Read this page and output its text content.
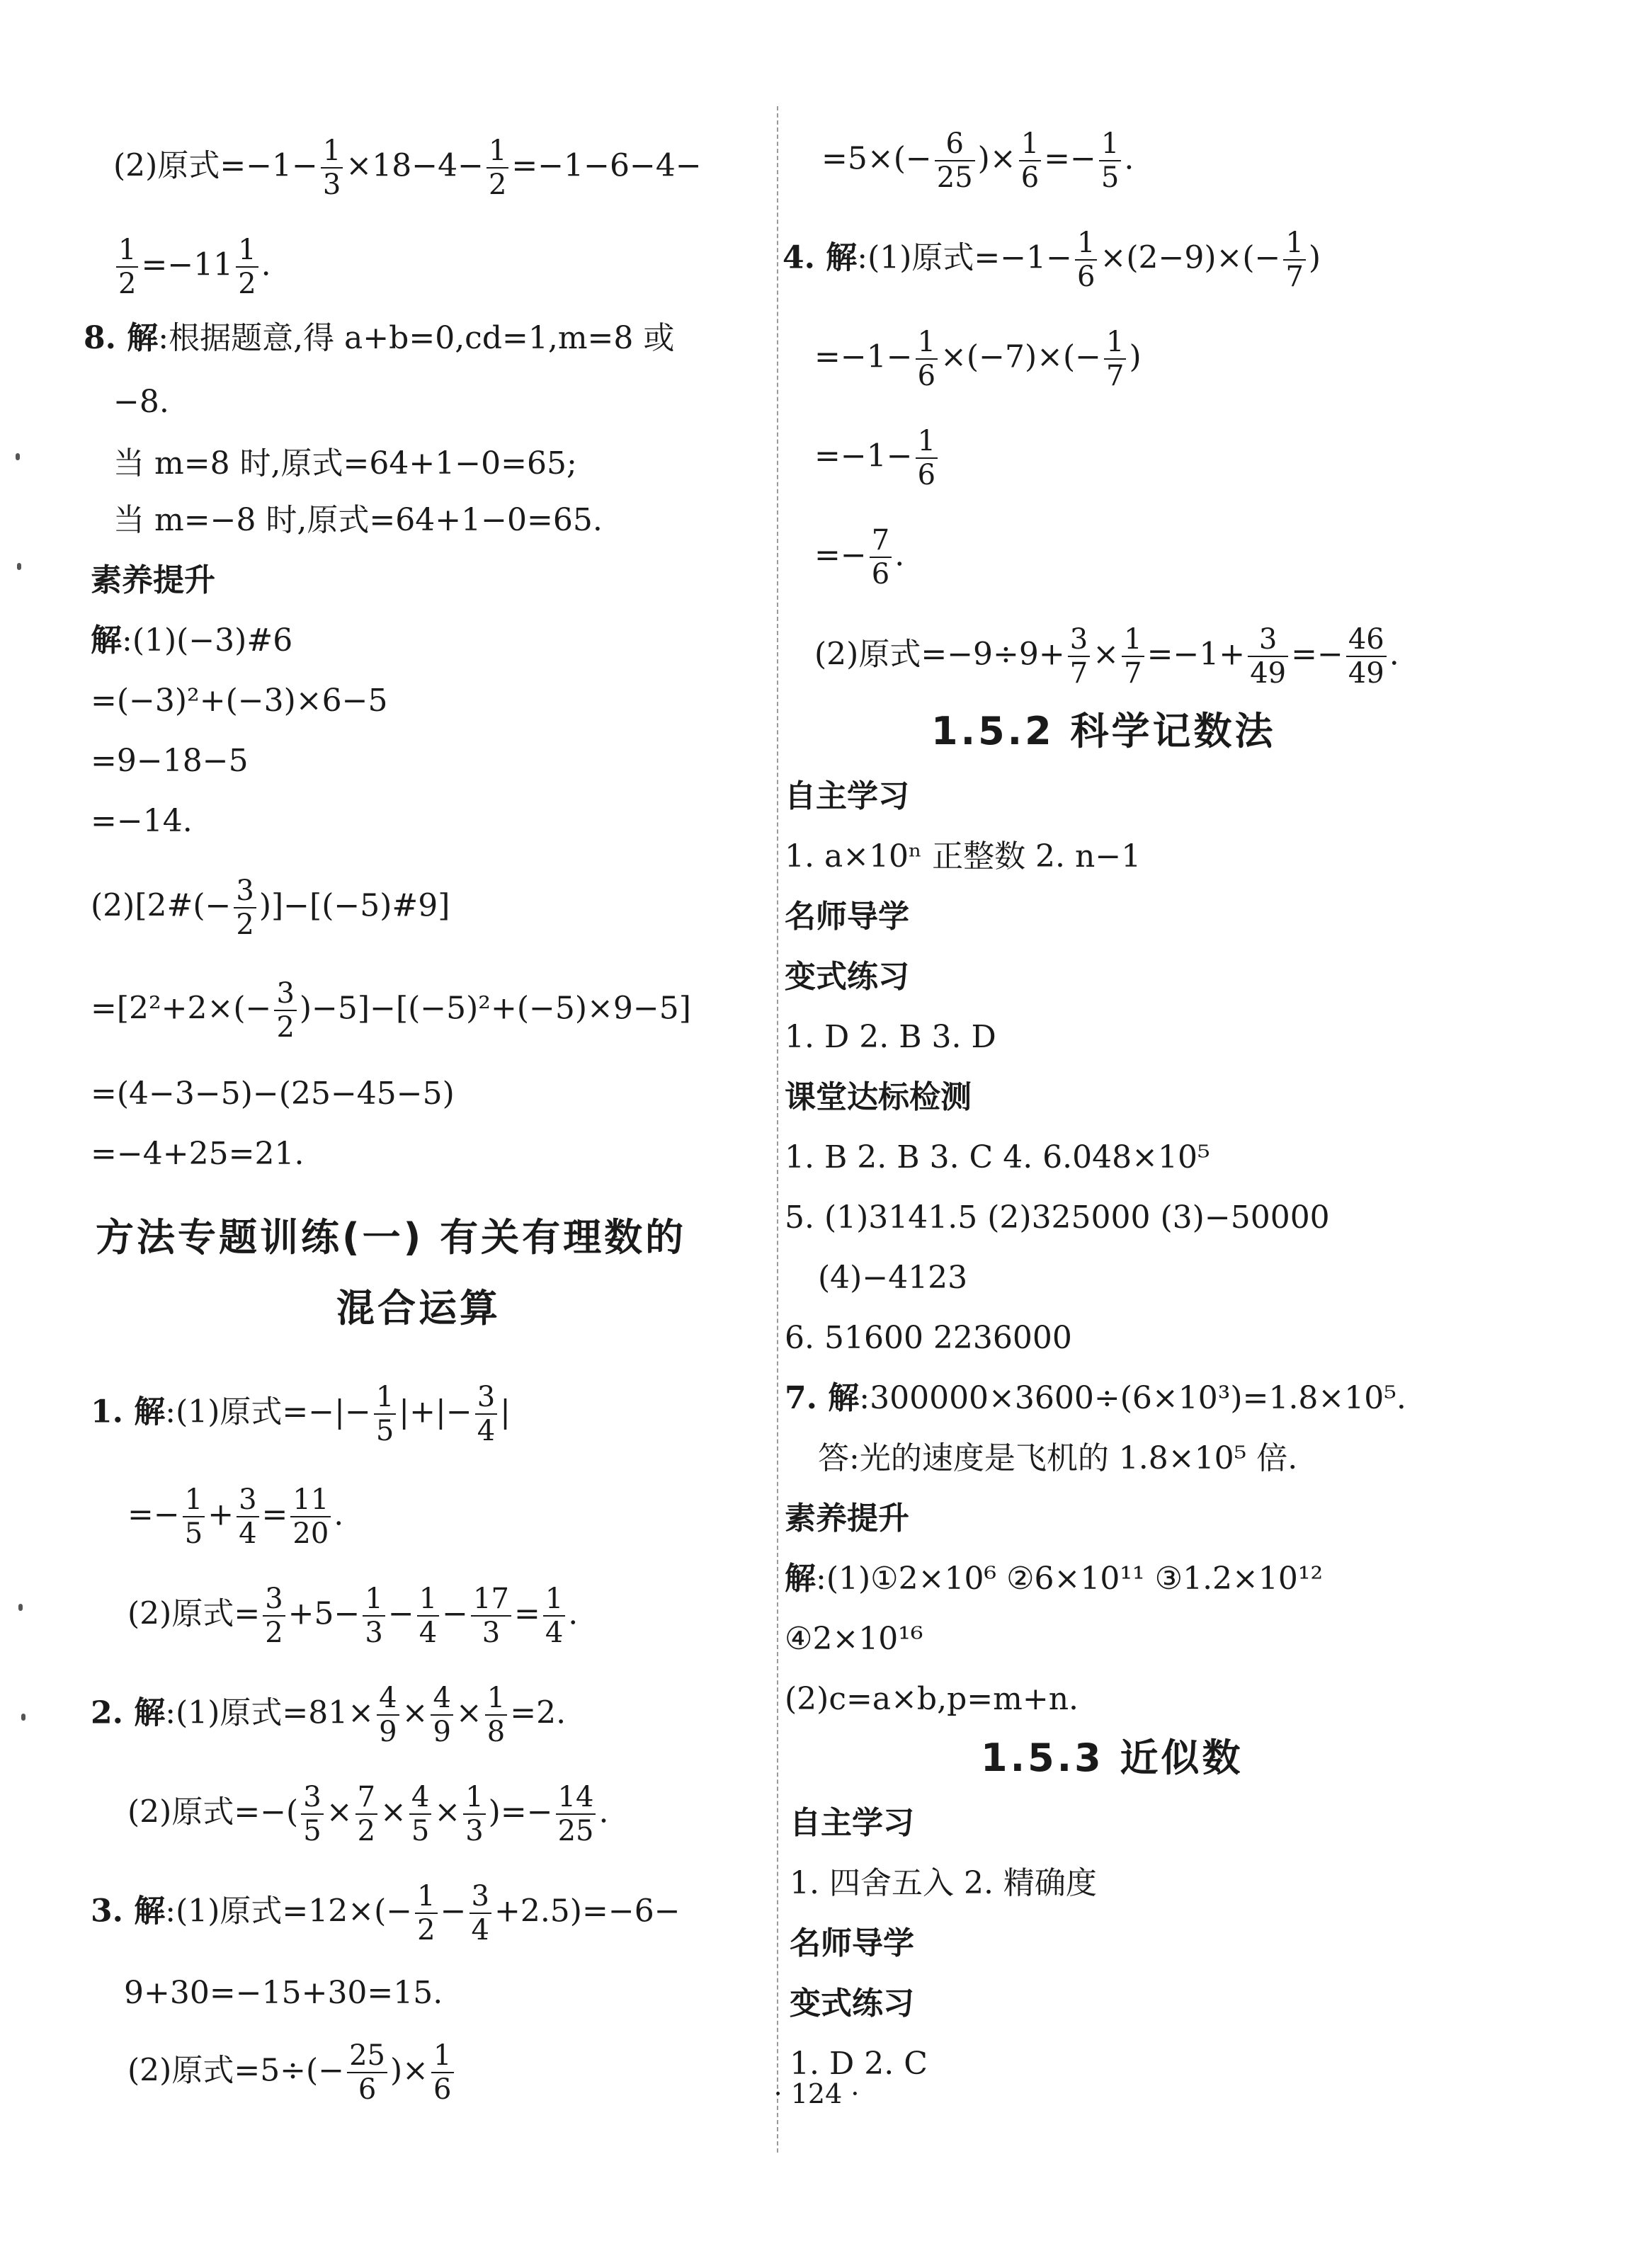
(2)原式$=-1- \frac{1}{3} \times 18-4- \frac{1}{2} =-1-6-4-$
$\frac{1}{2} =-11 \frac{1}{2}$ .
8. 解:根据题意,得 a+b=0,cd=1,m=8 或
−8.
当 m=8 时,原式=64+1−0=65;
当 m=−8 时,原式=64+1−0=65.
素养提升
解:(1)(−3)#6
=(−3)²+(−3)×6−5
=9−18−5
=−14.
(2)[2#(− $\frac{3}{2}$ )]−[(−5)#9]
$=[2^2+2\times(- \frac{3}{2} )-5]-[(-5)^2+(-5)\times 9-5]$
=(4−3−5)−(25−45−5)
=−4+25=21.
方法专题训练(一) 有关有理数的
混合运算
1. 解:(1)原式=−|− $\frac{1}{5}$ |+|− $\frac{3}{4}$ |
=− $\frac{1}{5} + \frac{3}{4} = \frac{11}{20}$ .
(2)原式= $\frac{3}{2} +5- \frac{1}{3} - \frac{1}{4} - \frac{17}{3} = \frac{1}{4}$ .
2. 解:(1)原式$=81\times \frac{4}{9} \times \frac{4}{9} \times \frac{1}{8} =2$.
(2)原式=−( $\frac{3}{5} \times \frac{7}{2} \times \frac{4}{5} \times \frac{1}{3}$ )=− $\frac{14}{25}$ .
3. 解:(1)原式$=12\times(- \frac{1}{2} - \frac{3}{4} +2.5)=-6-$
9+30=−15+30=15.
(2)原式$=5\div(- \frac{25}{6}$ )× $\frac{1}{6}$
$=5\times(- \frac{6}{25}$ )× $\frac{1}{6} =- \frac{1}{5}$ .
4. 解:(1)原式$=-1- \frac{1}{6} \times(2-9)\times(- \frac{1}{7}$ )
$=-1- \frac{1}{6} \times(-7)\times(- \frac{1}{7}$ )
$=-1- \frac{1}{6}$
=− $\frac{7}{6}$ .
(2)原式$=-9\div 9+ \frac{3}{7} \times \frac{1}{7} =-1+ \frac{3}{49} =- \frac{46}{49}$ .
1.5.2 科学记数法
自主学习
1. a×10ⁿ 正整数 2. n−1
名师导学
变式练习
1. D 2. B 3. D
课堂达标检测
1. B 2. B 3. C 4. 6.048×10⁵
5. (1)3141.5 (2)325000 (3)−50000
(4)−4123
6. 51600 2236000
7. 解:300000×3600÷(6×10³)=1.8×10⁵.
答:光的速度是飞机的 1.8×10⁵ 倍.
素养提升
解:(1)①2×10⁶ ②6×10¹¹ ③1.2×10¹²
④2×10¹⁶
(2)c=a×b,p=m+n.
1.5.3 近似数
自主学习
1. 四舍五入 2. 精确度
名师导学
变式练习
1. D 2. C
· 124 ·
